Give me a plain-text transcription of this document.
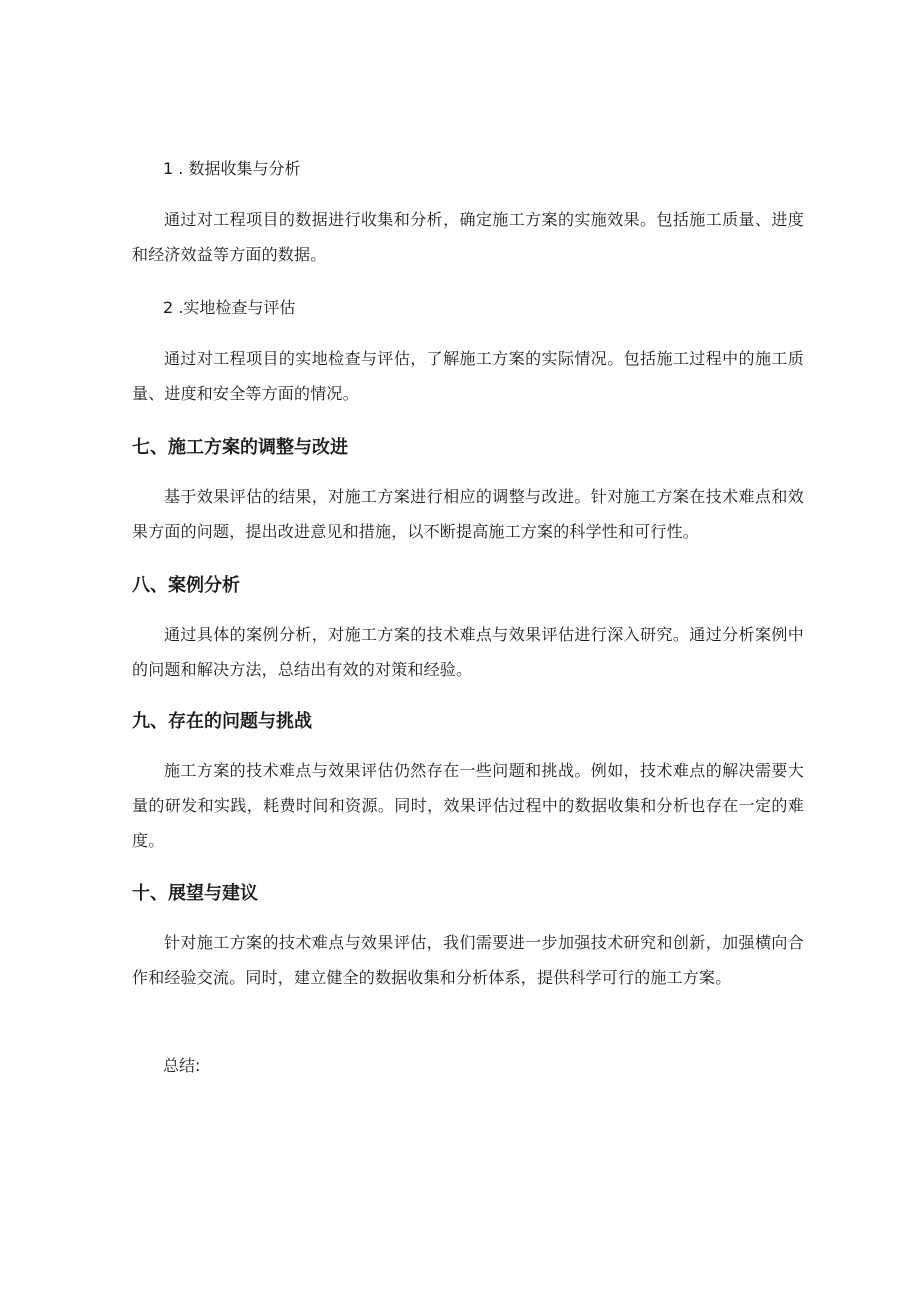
1 . 数据收集与分析

通过对工程项目的数据进行收集和分析，确定施工方案的实施效果。包括施工质量、进度和经济效益等方面的数据。

2 .实地检查与评估

通过对工程项目的实地检查与评估，了解施工方案的实际情况。包括施工过程中的施工质量、进度和安全等方面的情况。

七、施工方案的调整与改进

基于效果评估的结果，对施工方案进行相应的调整与改进。针对施工方案在技术难点和效果方面的问题，提出改进意见和措施，以不断提高施工方案的科学性和可行性。

八、案例分析

通过具体的案例分析，对施工方案的技术难点与效果评估进行深入研究。通过分析案例中的问题和解决方法，总结出有效的对策和经验。

九、存在的问题与挑战

施工方案的技术难点与效果评估仍然存在一些问题和挑战。例如，技术难点的解决需要大量的研发和实践，耗费时间和资源。同时，效果评估过程中的数据收集和分析也存在一定的难度。

十、展望与建议

针对施工方案的技术难点与效果评估，我们需要进一步加强技术研究和创新，加强横向合作和经验交流。同时，建立健全的数据收集和分析体系，提供科学可行的施工方案。

总结:
